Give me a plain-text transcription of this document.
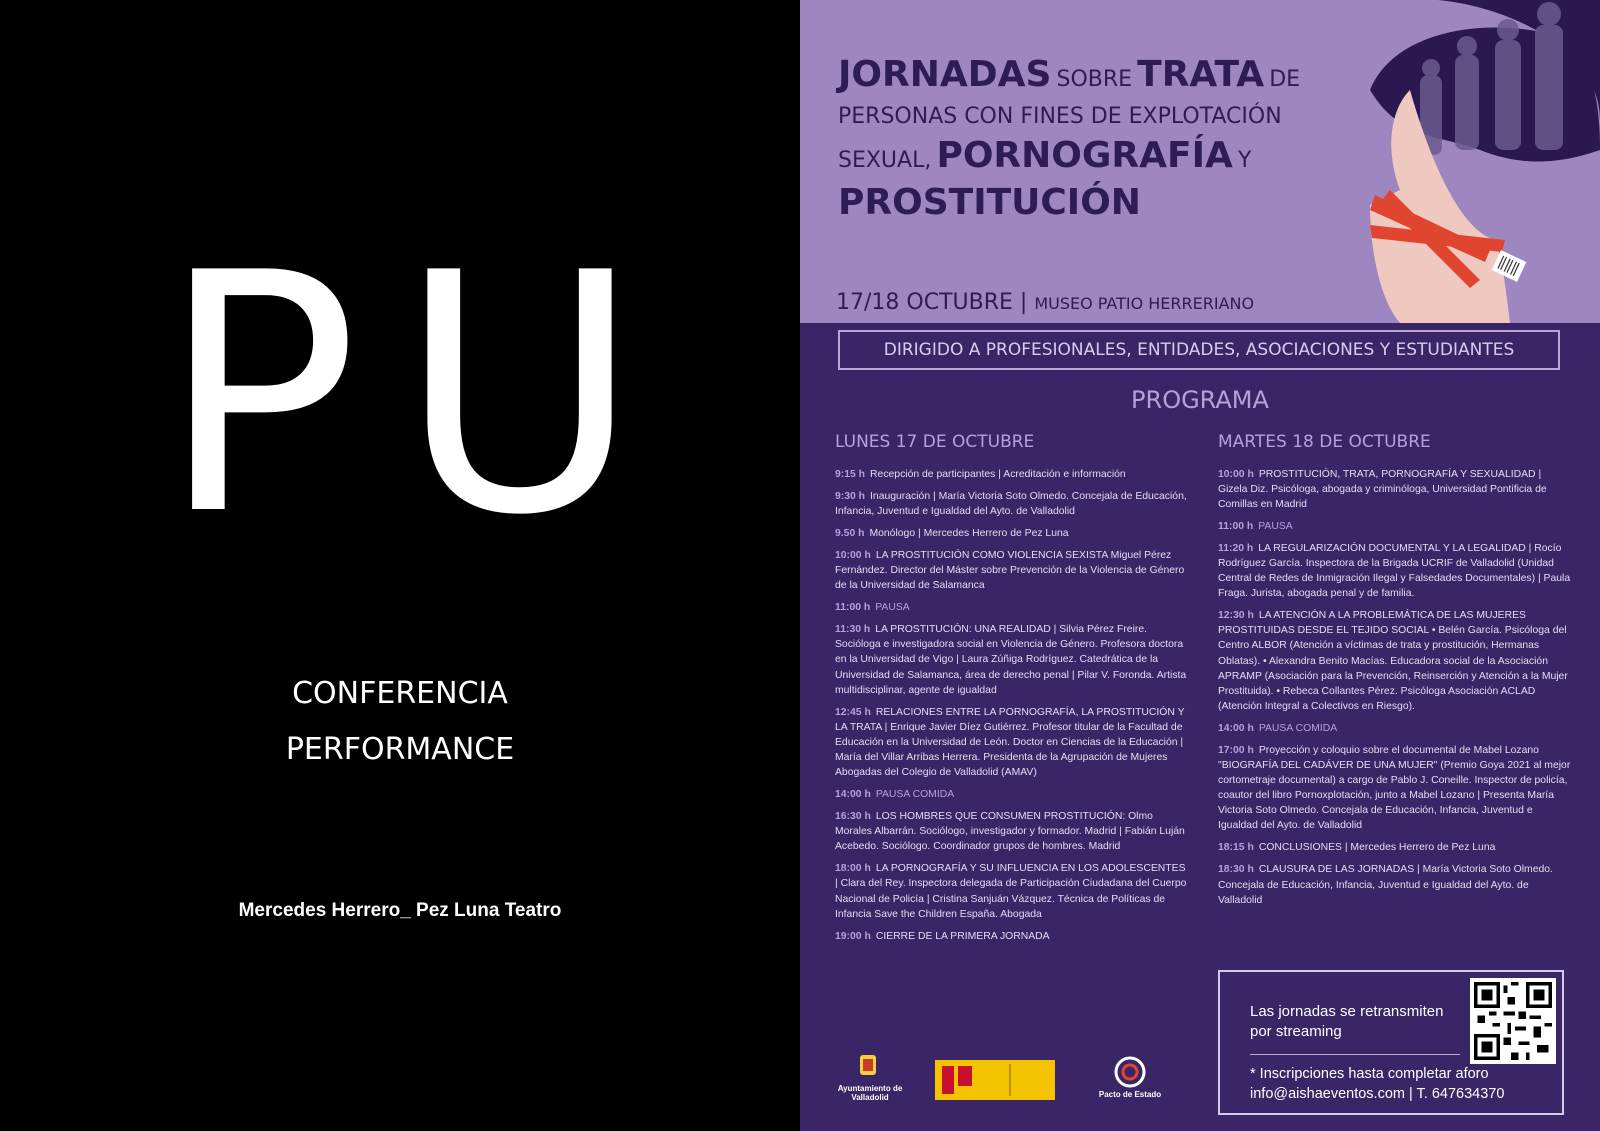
PU
CONFERENCIA
PERFORMANCE
Mercedes Herrero_ Pez Luna Teatro
JORNADAS SOBRE TRATA DE
PERSONAS CON FINES DE EXPLOTACIÓN
SEXUAL, PORNOGRAFÍA Y
PROSTITUCIÓN
17/18 OCTUBRE | MUSEO PATIO HERRERIANO
DIRIGIDO A PROFESIONALES, ENTIDADES, ASOCIACIONES Y ESTUDIANTES
PROGRAMA
LUNES 17 DE OCTUBRE
9:15 h Recepción de participantes | Acreditación e información
9:30 h Inauguración | María Victoria Soto Olmedo. Concejala de Educación, Infancia, Juventud e Igualdad del Ayto. de Valladolid
9.50 h Monólogo | Mercedes Herrero de Pez Luna
10:00 h LA PROSTITUCIÓN COMO VIOLENCIA SEXISTA Miguel Pérez Fernández. Director del Máster sobre Prevención de la Violencia de Género de la Universidad de Salamanca
11:00 h PAUSA
11:30 h LA PROSTITUCIÓN: UNA REALIDAD | Silvia Pérez Freire. Socióloga e investigadora social en Violencia de Género. Profesora doctora en la Universidad de Vigo | Laura Zúñiga Rodríguez. Catedrática de la Universidad de Salamanca, área de derecho penal | Pilar V. Foronda. Artista multidisciplinar, agente de igualdad
12:45 h RELACIONES ENTRE LA PORNOGRAFÍA, LA PROSTITUCIÓN Y LA TRATA | Enrique Javier Díez Gutiérrez. Profesor titular de la Facultad de Educación en la Universidad de León. Doctor en Ciencias de la Educación | María del Villar Arribas Herrera. Presidenta de la Agrupación de Mujeres Abogadas del Colegio de Valladolid (AMAV)
14:00 h PAUSA COMIDA
16:30 h LOS HOMBRES QUE CONSUMEN PROSTITUCIÓN: Olmo Morales Albarrán. Sociólogo, investigador y formador. Madrid | Fabián Luján Acebedo. Sociólogo. Coordinador grupos de hombres. Madrid
18:00 h LA PORNOGRAFÍA Y SU INFLUENCIA EN LOS ADOLESCENTES | Clara del Rey. Inspectora delegada de Participación Ciudadana del Cuerpo Nacional de Policía | Cristina Sanjuán Vázquez. Técnica de Políticas de Infancia Save the Children España. Abogada
19:00 h CIERRE DE LA PRIMERA JORNADA
MARTES 18 DE OCTUBRE
10:00 h PROSTITUCIÓN, TRATA, PORNOGRAFÍA Y SEXUALIDAD | Gizela Diz. Psicóloga, abogada y criminóloga, Universidad Pontificia de Comillas en Madrid
11:00 h PAUSA
11:20 h LA REGULARIZACIÓN DOCUMENTAL Y LA LEGALIDAD | Rocío Rodríguez García. Inspectora de la Brigada UCRIF de Valladolid (Unidad Central de Redes de Inmigración Ilegal y Falsedades Documentales) | Paula Fraga. Jurista, abogada penal y de familia.
12:30 h LA ATENCIÓN A LA PROBLEMÁTICA DE LAS MUJERES PROSTITUIDAS DESDE EL TEJIDO SOCIAL • Belén García. Psicóloga del Centro ALBOR (Atención a víctimas de trata y prostitución, Hermanas Oblatas). • Alexandra Benito Macías. Educadora social de la Asociación APRAMP (Asociación para la Prevención, Reinserción y Atención a la Mujer Prostituida). • Rebeca Collantes Pérez. Psicóloga Asociación ACLAD (Atención Integral a Colectivos en Riesgo).
14:00 h PAUSA COMIDA
17:00 h Proyección y coloquio sobre el documental de Mabel Lozano "BIOGRAFÍA DEL CADÁVER DE UNA MUJER" (Premio Goya 2021 al mejor cortometraje documental) a cargo de Pablo J. Coneille. Inspector de policía, coautor del libro Pornoxplotación, junto a Mabel Lozano | Presenta María Victoria Soto Olmedo. Concejala de Educación, Infancia, Juventud e Igualdad del Ayto. de Valladolid
18:15 h CONCLUSIONES | Mercedes Herrero de Pez Luna
18:30 h CLAUSURA DE LAS JORNADAS | María Victoria Soto Olmedo. Concejala de Educación, Infancia, Juventud e Igualdad del Ayto. de Valladolid
Las jornadas se retransmiten por streaming
* Inscripciones hasta completar aforo
info@aishaeventos.com | T. 647634370
Ayuntamiento de Valladolid	Pacto de Estado
